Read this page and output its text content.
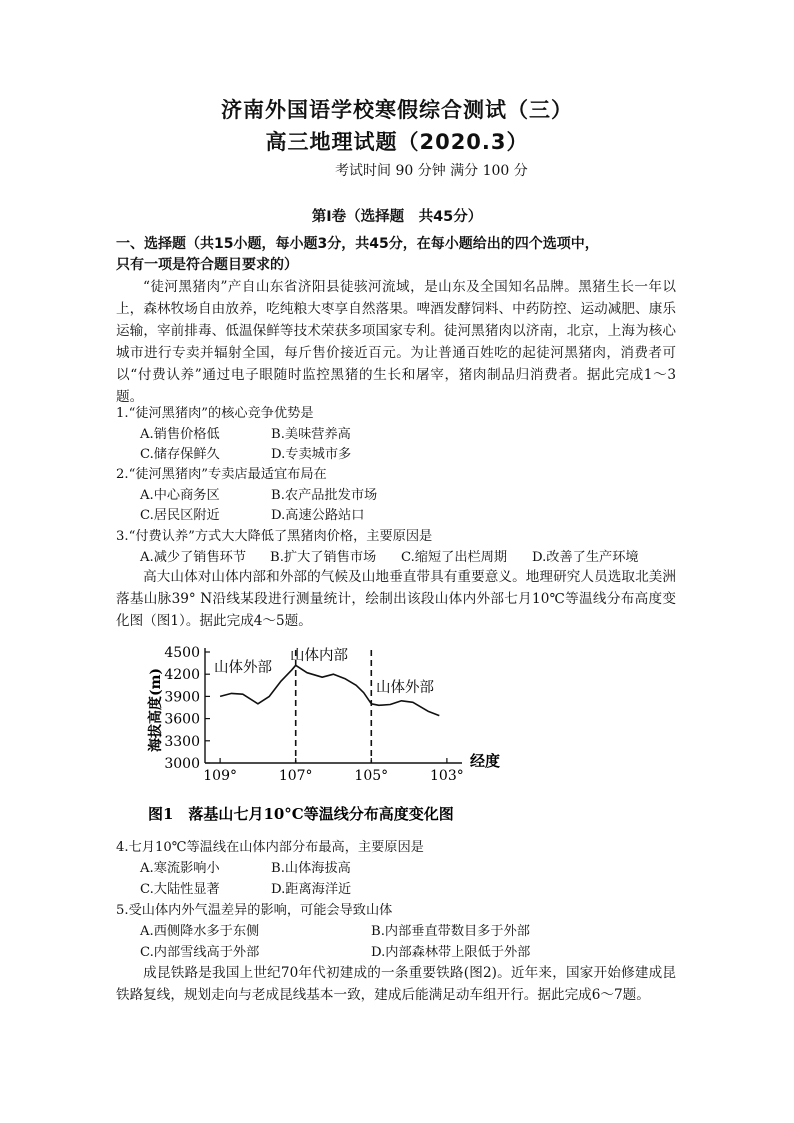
济南外国语学校寒假综合测试（三）
高三地理试题（2020.3）
考试时间 90 分钟 满分 100 分
第Ⅰ卷（选择题　共45分）
一、选择题（共15小题，每小题3分，共45分，在每小题给出的四个选项中，
只有一项是符合题目要求的）
“徒河黑猪肉”产自山东省济阳县徒骇河流域，是山东及全国知名品牌。黑猪生长一年以上，森林牧场自由放养，吃纯粮大枣享自然落果。啤酒发酵饲料、中药防控、运动减肥、康乐运输，宰前排毒、低温保鲜等技术荣获多项国家专利。徒河黑猪肉以济南，北京，上海为核心城市进行专卖并辐射全国，每斤售价接近百元。为让普通百姓吃的起徒河黑猪肉，消费者可以“付费认养”通过电子眼随时监控黑猪的生长和屠宰，猪肉制品归消费者。据此完成1～3题。
1.“徒河黑猪肉”的核心竞争优势是
A.销售价格低	B.美味营养高
C.储存保鲜久	D.专卖城市多
2.“徒河黑猪肉”专卖店最适宜布局在
A.中心商务区	B.农产品批发市场
C.居民区附近	D.高速公路站口
3.“付费认养”方式大大降低了黑猪肉价格，主要原因是
A.减少了销售环节 B.扩大了销售市场 C.缩短了出栏周期 D.改善了生产环境
高大山体对山体内部和外部的气候及山地垂直带具有重要意义。地理研究人员选取北美洲落基山脉39° N沿线某段进行测量统计，绘制出该段山体内外部七月10℃等温线分布高度变化图（图1）。据此完成4～5题。
3000
3300
3600
3900
4200
4500
109°	107°	105°	103°
山体外部
山体内部
山体外部
海拔高度(m)
经度
图1　落基山七月10°C等温线分布高度变化图
4.七月10℃等温线在山体内部分布最高，主要原因是
A.寒流影响小	B.山体海拔高
C.大陆性显著	D.距离海洋近
5.受山体内外气温差异的影响，可能会导致山体
A.西侧降水多于东侧	B.内部垂直带数目多于外部
C.内部雪线高于外部	D.内部森林带上限低于外部
成昆铁路是我国上世纪70年代初建成的一条重要铁路(图2)。近年来，国家开始修建成昆铁路复线，规划走向与老成昆线基本一致，建成后能满足动车组开行。据此完成6～7题。
